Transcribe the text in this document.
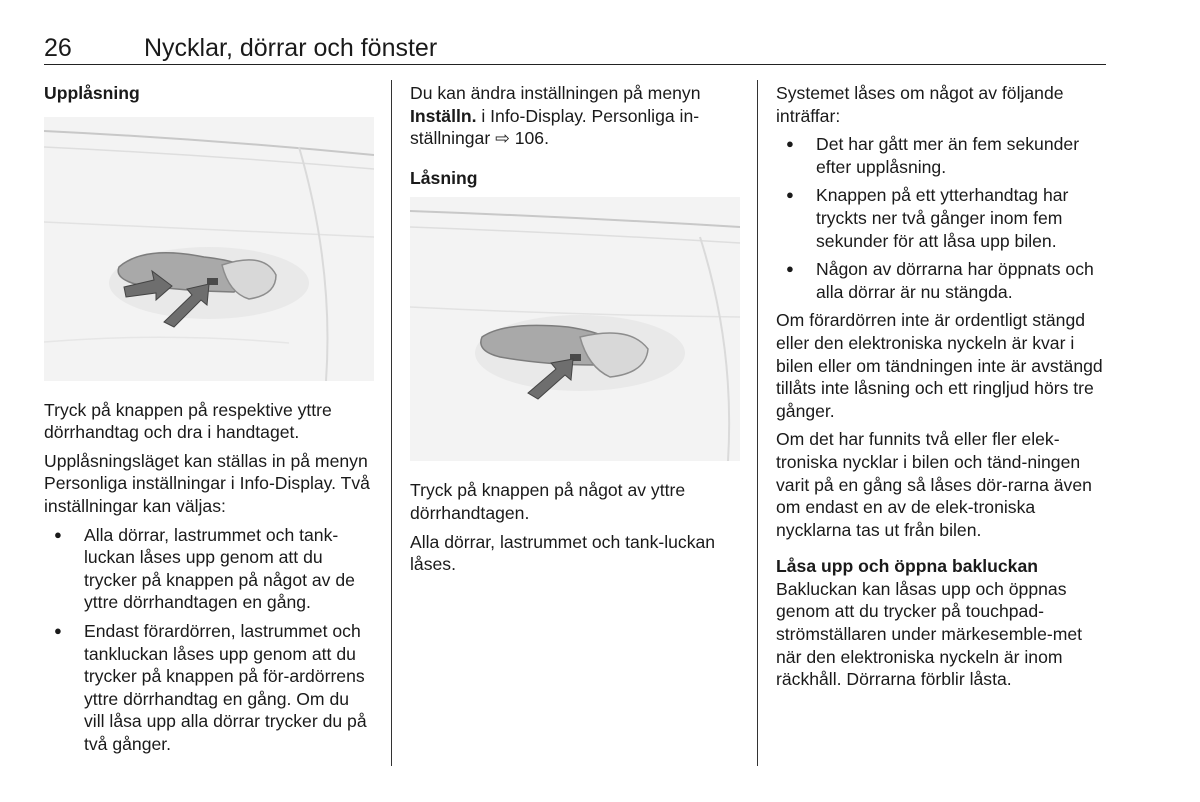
26	Nycklar, dörrar och fönster

Upplåsning

Tryck på knappen på respektive yttre dörrhandtag och dra i handtaget.

Upplåsningsläget kan ställas in på menyn Personliga inställningar i Info-Display. Två inställningar kan väljas:

● Alla dörrar, lastrummet och tank-luckan låses upp genom att du trycker på knappen på något av de yttre dörrhandtagen en gång.
● Endast förardörren, lastrummet och tankluckan låses upp genom att du trycker på knappen på för-ardörrens yttre dörrhandtag en gång. Om du vill låsa upp alla dörrar trycker du på två gånger.

Du kan ändra inställningen på menyn Inställn. i Info-Display. Personliga in-ställningar ⇨ 106.

Låsning

Tryck på knappen på något av yttre dörrhandtagen.

Alla dörrar, lastrummet och tank-luckan låses.

Systemet låses om något av följande inträffar:

● Det har gått mer än fem sekunder efter upplåsning.
● Knappen på ett ytterhandtag har tryckts ner två gånger inom fem sekunder för att låsa upp bilen.
● Någon av dörrarna har öppnats och alla dörrar är nu stängda.

Om förardörren inte är ordentligt stängd eller den elektroniska nyckeln är kvar i bilen eller om tändningen inte är avstängd tillåts inte låsning och ett ringljud hörs tre gånger.

Om det har funnits två eller fler elek-troniska nycklar i bilen och tänd-ningen varit på en gång så låses dör-rarna även om endast en av de elek-troniska nycklarna tas ut från bilen.

Låsa upp och öppna bakluckan

Bakluckan kan låsas upp och öppnas genom att du trycker på touchpad-strömställaren under märkesemble-met när den elektroniska nyckeln är inom räckhåll. Dörrarna förblir låsta.
